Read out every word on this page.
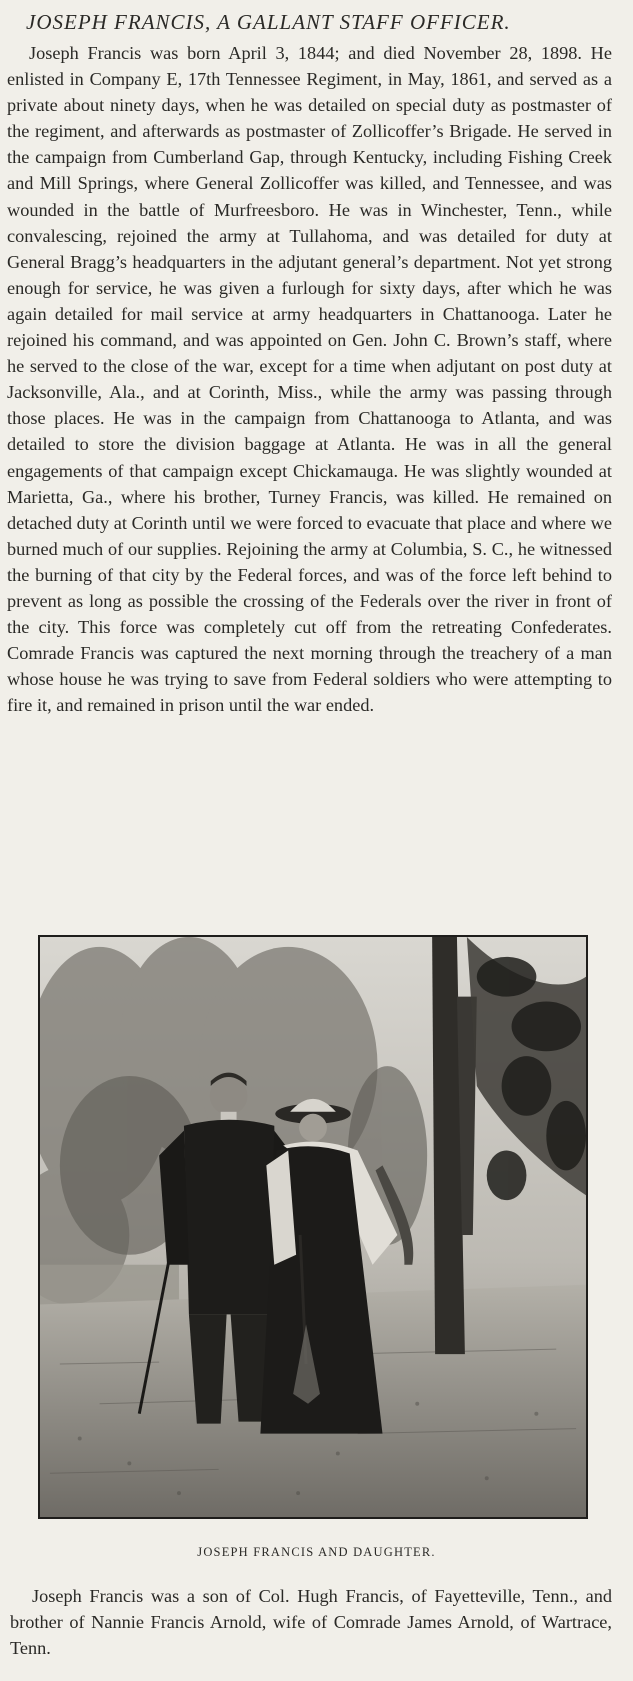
JOSEPH FRANCIS, A GALLANT STAFF OFFICER.

Joseph Francis was born April 3, 1844; and died November 28, 1898. He enlisted in Company E, 17th Tennessee Regiment, in May, 1861, and served as a private about ninety days, when he was detailed on special duty as postmaster of the regiment, and afterwards as postmaster of Zollicoffer’s Brigade. He served in the campaign from Cumberland Gap, through Kentucky, including Fishing Creek and Mill Springs, where General Zollicoffer was killed, and Tennessee, and was wounded in the battle of Murfreesboro. He was in Winchester, Tenn., while convalescing, rejoined the army at Tullahoma, and was detailed for duty at General Bragg’s headquarters in the adjutant general’s department. Not yet strong enough for service, he was given a furlough for sixty days, after which he was again detailed for mail service at army headquarters in Chattanooga. Later he rejoined his command, and was appointed on Gen. John C. Brown’s staff, where he served to the close of the war, except for a time when adjutant on post duty at Jacksonville, Ala., and at Corinth, Miss., while the army was passing through those places. He was in the campaign from Chattanooga to Atlanta, and was detailed to store the division baggage at Atlanta. He was in all the general engagements of that campaign except Chickamauga. He was slightly wounded at Marietta, Ga., where his brother, Turney Francis, was killed. He remained on detached duty at Corinth until we were forced to evacuate that place and where we burned much of our supplies. Rejoining the army at Columbia, S. C., he witnessed the burning of that city by the Federal forces, and was of the force left behind to prevent as long as possible the crossing of the Federals over the river in front of the city. This force was completely cut off from the retreating Confederates. Comrade Francis was captured the next morning through the treachery of a man whose house he was trying to save from Federal soldiers who were attempting to fire it, and remained in prison until the war ended.

JOSEPH FRANCIS AND DAUGHTER.

Joseph Francis was a son of Col. Hugh Francis, of Fayetteville, Tenn., and brother of Nannie Francis Arnold, wife of Comrade James Arnold, of Wartrace, Tenn.
